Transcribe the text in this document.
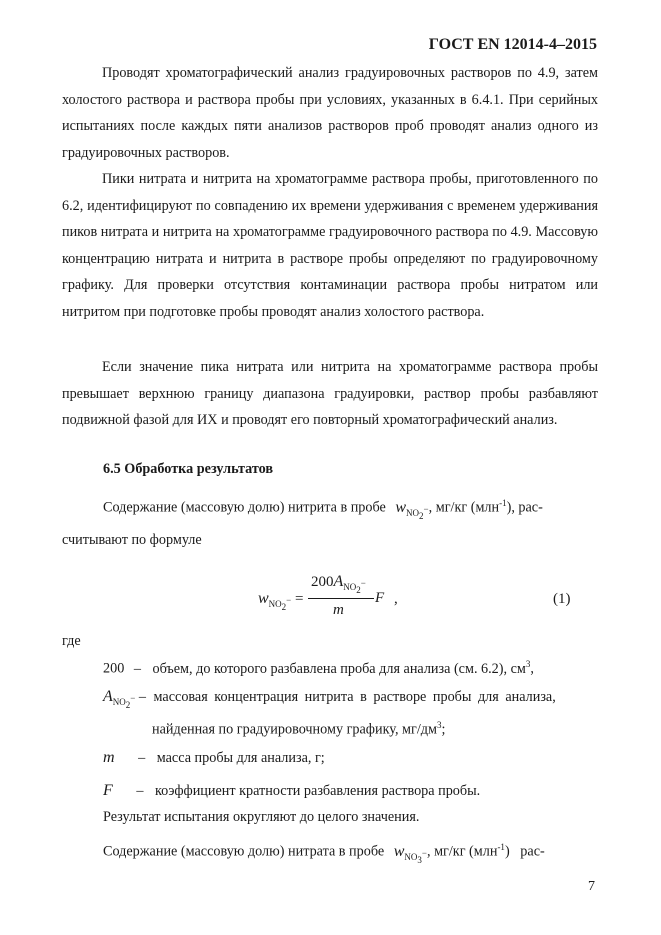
ГОСТ EN 12014-4–2015

Проводят хроматографический анализ градуировочных растворов по 4.9, затем холостого раствора и раствора пробы при условиях, указанных в 6.4.1. При серийных испытаниях после каждых пяти анализов растворов проб проводят анализ одного из градуировочных растворов.

Пики нитрата и нитрита на хроматограмме раствора пробы, приготовленного по 6.2, идентифицируют по совпадению их времени удерживания с временем удерживания пиков нитрата и нитрита на хроматограмме градуировочного раствора по 4.9. Массовую концентрацию нитрата и нитрита в растворе пробы определяют по градуировочному графику. Для проверки отсутствия контаминации раствора пробы нитратом или нитритом при подготовке пробы проводят анализ холостого раствора.

Если значение пика нитрата или нитрита на хроматограмме раствора пробы превышает верхнюю границу диапазона градуировки, раствор пробы разбавляют подвижной фазой для ИХ и проводят его повторный хроматографический анализ.

6.5 Обработка результатов
Содержание (массовую долю) нитрита в пробе $w_{NO_2^-}$, мг/кг (млн$^{-1}$), рас-
считывают по формуле
$w_{NO_2^-}$ =
$200A_{NO_2^-}$
m
F ,	(1)
где
200 – объем, до которого разбавлена проба для анализа (см. 6.2), $см^3$,
$A_{NO_2^-}$ – массовая концентрация нитрита в растворе пробы для анализа,
найденная по градуировочному графику, $мг/дм^3$;
m – масса пробы для анализа, г;
F – коэффициент кратности разбавления раствора пробы.
Результат испытания округляют до целого значения.
Содержание (массовую долю) нитрата в пробе $w_{NO_3^-}$, мг/кг (млн$^{-1}$)   рас-
7
